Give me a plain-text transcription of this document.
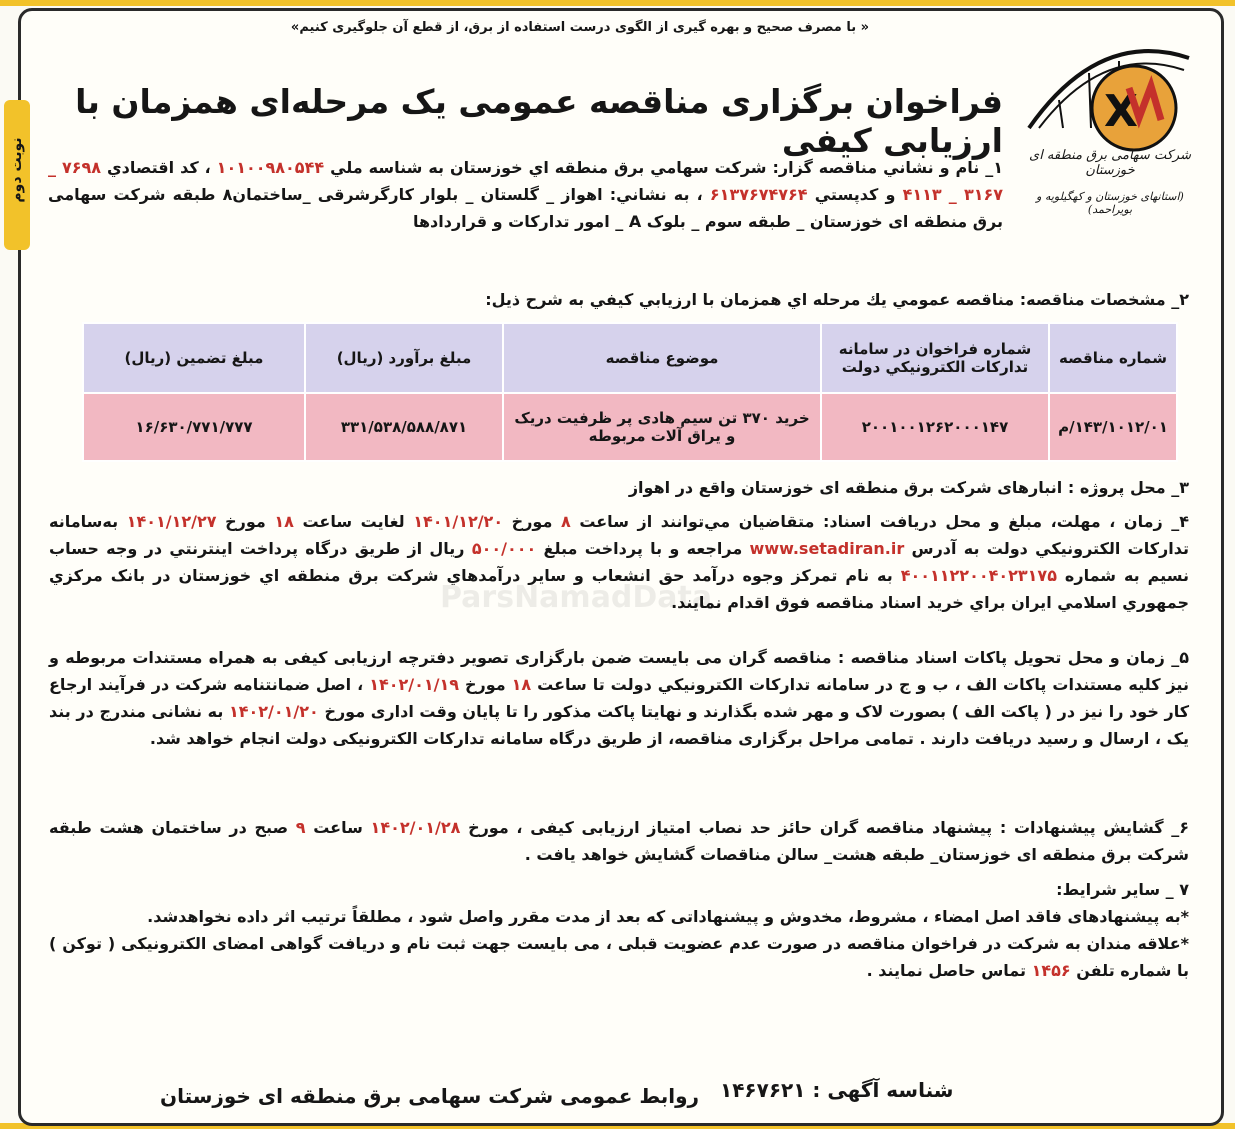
نوبت دوم
« با مصرف صحیح و بهره گیری از الگوی درست استفاده از برق، از قطع آن جلوگیری کنیم»
X
شرکت سهامی برق منطقه ای خوزستان
(استانهای خوزستان و کهگیلویه و بویراحمد)
فراخوان برگزاری مناقصه عمومی یک مرحله‌ای همزمان با ارزیابی کیفی
۱_ نام و نشاني مناقصه گزار: شرکت سهامي برق منطقه اي خوزستان به شناسه ملي ۱۰۱۰۰۹۸۰۵۴۴ ، کد اقتصادي ۷۶۹۸ _ ۳۱۶۷ _ ۴۱۱۳ و کدپستي ۶۱۳۷۶۷۴۷۶۴ ، به نشاني: اهواز _ گلستان _ بلوار کارگرشرقی _ساختمان۸ طبقه شرکت سهامی برق منطقه ای خوزستان _ طبقه سوم _ بلوک A _ امور تدارکات و قراردادها
۲_ مشخصات مناقصه: مناقصه عمومي يك مرحله اي همزمان با ارزيابي كيفي به شرح ذيل:
شماره مناقصه	شماره فراخوان در سامانه تدارکات الکترونيکي دولت	موضوع مناقصه	مبلغ برآورد (ريال)	مبلغ تضمين (ريال)
۱۴۳/۱۰۱۲/۰۱/م	۲۰۰۱۰۰۱۲۶۲۰۰۰۱۴۷	خرید ۳۷۰ تن سیم هادی پر ظرفیت دریک و یراق آلات مربوطه	۳۳۱/۵۳۸/۵۸۸/۸۷۱	۱۶/۶۳۰/۷۷۱/۷۷۷
۳_ محل پروژه : انبارهای شرکت برق منطقه ای خوزستان واقع در اهواز
۴_ زمان ، مهلت، مبلغ و محل دريافت اسناد: متقاضيان مي‌توانند از ساعت ۸ مورخ ۱۴۰۱/۱۲/۲۰ لغايت ساعت ۱۸ مورخ ۱۴۰۱/۱۲/۲۷ به‌سامانه تدارکات الکترونيکي دولت به آدرس www.setadiran.ir مراجعه و با پرداخت مبلغ ۵۰۰/۰۰۰ ريال از طريق درگاه پرداخت اينترنتي در وجه حساب نسيم به شماره ۴۰۰۱۱۲۲۰۰۴۰۲۳۱۷۵ به نام تمرکز وجوه درآمد حق انشعاب و ساير درآمدهاي شركت برق منطقه اي خوزستان در بانک مرکزي جمهوري اسلامي ايران براي خريد اسناد مناقصه فوق اقدام نمايند.
۵_ زمان و محل تحويل پاکات اسناد مناقصه : مناقصه گران می بايست ضمن بارگزاری تصوير دفترچه ارزيابی کيفی به همراه مستندات مربوطه و نيز کليه مستندات پاکات الف ، ب و ج در سامانه تدارکات الکترونيکي دولت تا ساعت ۱۸ مورخ ۱۴۰۲/۰۱/۱۹ ، اصل ضمانتنامه شرکت در فرآيند ارجاع کار خود را نيز در ( پاکت الف ) بصورت لاک و مهر شده بگذارند و نهايتا پاکت مذکور را تا پايان وقت اداری مورخ ۱۴۰۲/۰۱/۲۰ به نشانی مندرج در بند يک ، ارسال و رسيد دريافت دارند . تمامی مراحل برگزاری مناقصه، از طريق درگاه سامانه تدارکات الکترونيکی دولت انجام خواهد شد.
۶_ گشايش پيشنهادات : پيشنهاد مناقصه گران حائز حد نصاب امتياز ارزيابی کيفی ، مورخ ۱۴۰۲/۰۱/۲۸ ساعت ۹ صبح در ساختمان هشت طبقه شرکت برق منطقه ای خوزستان_ طبقه هشت_ سالن مناقصات گشايش خواهد يافت .
۷ _ ساير شرايط:
*به پيشنهادهای فاقد اصل امضاء ، مشروط، مخدوش و پيشنهاداتی که بعد از مدت مقرر واصل شود ، مطلقاً ترتيب اثر داده نخواهدشد.
*علاقه مندان به شرکت در فراخوان مناقصه در صورت عدم عضويت قبلی ، می بايست جهت ثبت نام و دريافت گواهی امضای الکترونيکی ( توکن ) با شماره تلفن ۱۴۵۶ تماس حاصل نمايند .
شناسه آگهی : ۱۴۶۷۶۲۱
روابط عمومی شرکت سهامی برق منطقه ای خوزستان
ParsNamadData
